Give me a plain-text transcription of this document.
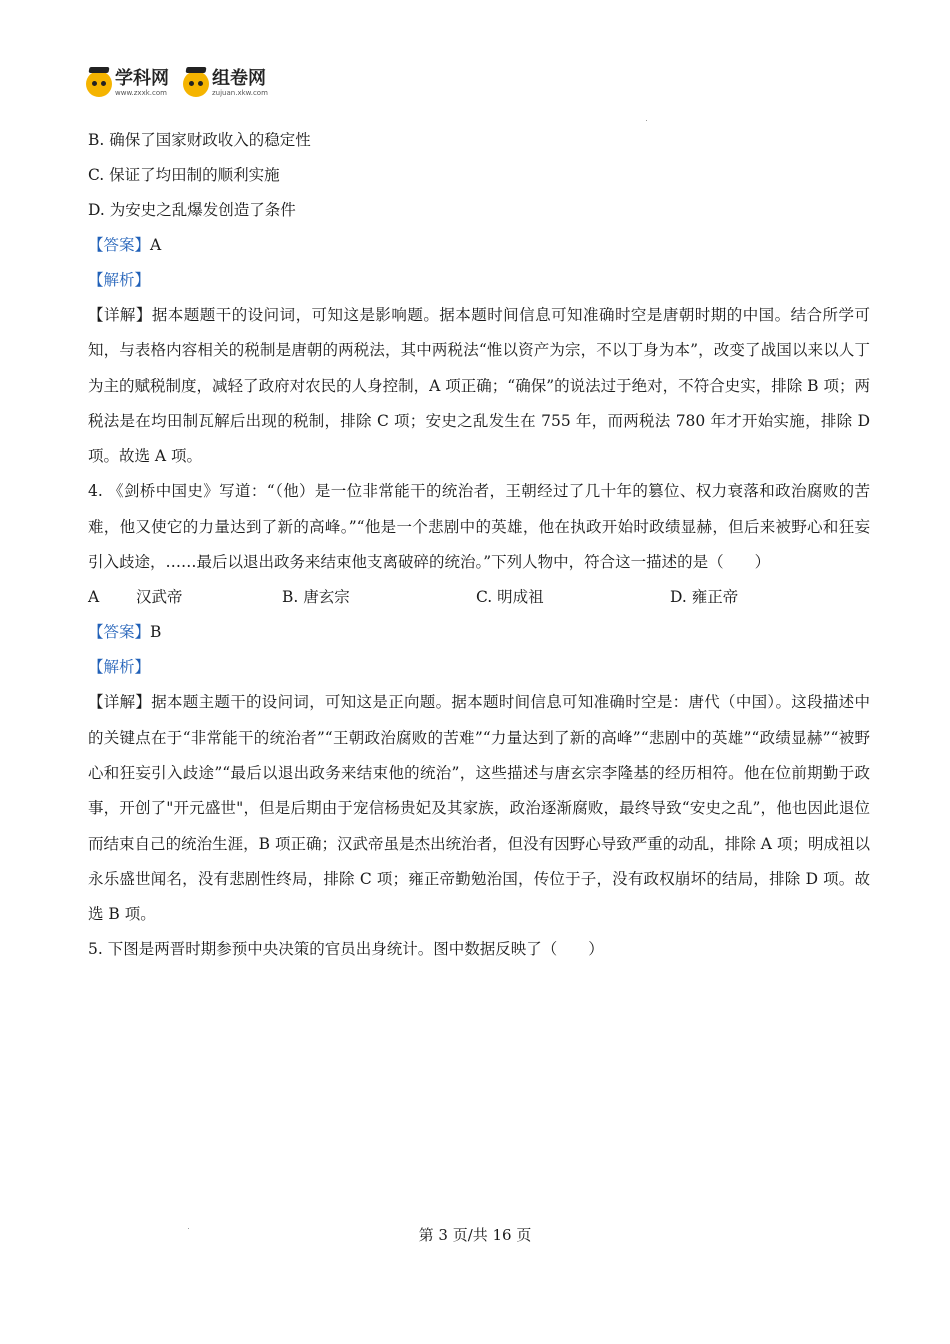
学科网
www.zxxk.com
组卷网
zujuan.xkw.com
B. 确保了国家财政收入的稳定性
C. 保证了均田制的顺利实施
D. 为安史之乱爆发创造了条件
【答案】A
【解析】
【详解】据本题题干的设问词，可知这是影响题。据本题时间信息可知准确时空是唐朝时期的中国。结合所学可知，与表格内容相关的税制是唐朝的两税法，其中两税法“惟以资产为宗，不以丁身为本”，改变了战国以来以人丁为主的赋税制度，减轻了政府对农民的人身控制，A 项正确；“确保”的说法过于绝对，不符合史实，排除 B 项；两税法是在均田制瓦解后出现的税制，排除 C 项；安史之乱发生在 755 年，而两税法 780 年才开始实施，排除 D 项。故选 A 项。
4. 《剑桥中国史》写道：“（他）是一位非常能干的统治者，王朝经过了几十年的篡位、权力衰落和政治腐败的苦难，他又使它的力量达到了新的高峰。”“他是一个悲剧中的英雄，他在执政开始时政绩显赫，但后来被野心和狂妄引入歧途，……最后以退出政务来结束他支离破碎的统治。”下列人物中，符合这一描述的是（　　）
A	汉武帝	B. 唐玄宗	C. 明成祖	D. 雍正帝
【答案】B
【解析】
【详解】据本题主题干的设问词，可知这是正向题。据本题时间信息可知准确时空是：唐代（中国）。这段描述中的关键点在于“非常能干的统治者”“王朝政治腐败的苦难”“力量达到了新的高峰”“悲剧中的英雄”“政绩显赫”“被野心和狂妄引入歧途”“最后以退出政务来结束他的统治”，这些描述与唐玄宗李隆基的经历相符。他在位前期勤于政事，开创了"开元盛世"，但是后期由于宠信杨贵妃及其家族，政治逐渐腐败，最终导致“安史之乱”，他也因此退位而结束自己的统治生涯，B 项正确；汉武帝虽是杰出统治者，但没有因野心导致严重的动乱，排除 A 项；明成祖以永乐盛世闻名，没有悲剧性终局，排除 C 项；雍正帝勤勉治国，传位于子，没有政权崩坏的结局，排除 D 项。故选 B 项。
5. 下图是两晋时期参预中央决策的官员出身统计。图中数据反映了（　　）
第 3 页/共 16 页
